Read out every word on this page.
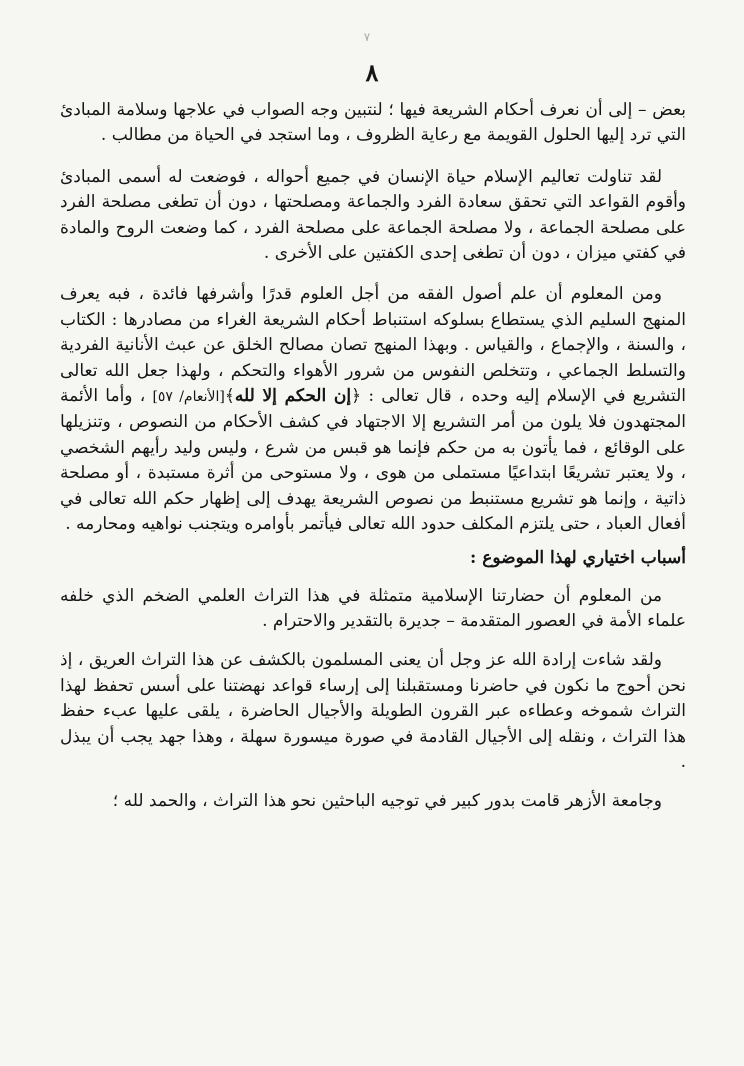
٧
٨

بعض – إلى أن نعرف أحكام الشريعة فيها ؛ لنتبين وجه الصواب في علاجها وسلامة المبادئ التي ترد إليها الحلول القويمة مع رعاية الظروف ، وما استجد في الحياة من مطالب .

لقد تناولت تعاليم الإسلام حياة الإنسان في جميع أحواله ، فوضعت له أسمى المبادئ وأقوم القواعد التي تحقق سعادة الفرد والجماعة ومصلحتها ، دون أن تطغى مصلحة الفرد على مصلحة الجماعة ، ولا مصلحة الجماعة على مصلحة الفرد ، كما وضعت الروح والمادة في كفتي ميزان ، دون أن تطغى إحدى الكفتين على الأخرى .

ومن المعلوم أن علم أصول الفقه من أجل العلوم قدرًا وأشرفها فائدة ، فبه يعرف المنهج السليم الذي يستطاع بسلوكه استنباط أحكام الشريعة الغراء من مصادرها : الكتاب ، والسنة ، والإجماع ، والقياس . وبهذا المنهج تصان مصالح الخلق عن عبث الأنانية الفردية والتسلط الجماعي ، وتتخلص النفوس من شرور الأهواء والتحكم ، ولهذا جعل الله تعالى التشريع في الإسلام إليه وحده ، قال تعالى : ﴿إن الحكم إلا لله﴾[الأنعام/ ٥٧] ، وأما الأئمة المجتهدون فلا يلون من أمر التشريع إلا الاجتهاد في كشف الأحكام من النصوص ، وتنزيلها على الوقائع ، فما يأتون به من حكم فإنما هو قبس من شرع ، وليس وليد رأيهم الشخصي ، ولا يعتبر تشريعًا ابتداعيًا مستملى من هوى ، ولا مستوحى من أثرة مستبدة ، أو مصلحة ذاتية ، وإنما هو تشريع مستنبط من نصوص الشريعة يهدف إلى إظهار حكم الله تعالى في أفعال العباد ، حتى يلتزم المكلف حدود الله تعالى فيأتمر بأوامره ويتجنب نواهيه ومحارمه .

أسباب اختياري لهذا الموضوع :

من المعلوم أن حضارتنا الإسلامية متمثلة في هذا التراث العلمي الضخم الذي خلفه علماء الأمة في العصور المتقدمة – جديرة بالتقدير والاحترام .

ولقد شاءت إرادة الله عز وجل أن يعنى المسلمون بالكشف عن هذا التراث العريق ، إذ نحن أحوج ما نكون في حاضرنا ومستقبلنا إلى إرساء قواعد نهضتنا على أسس تحفظ لهذا التراث شموخه وعطاءه عبر القرون الطويلة والأجيال الحاضرة ، يلقى عليها عبء حفظ هذا التراث ، ونقله إلى الأجيال القادمة في صورة ميسورة سهلة ، وهذا جهد يجب أن يبذل .

وجامعة الأزهر قامت بدور كبير في توجيه الباحثين نحو هذا التراث ، والحمد لله ؛
